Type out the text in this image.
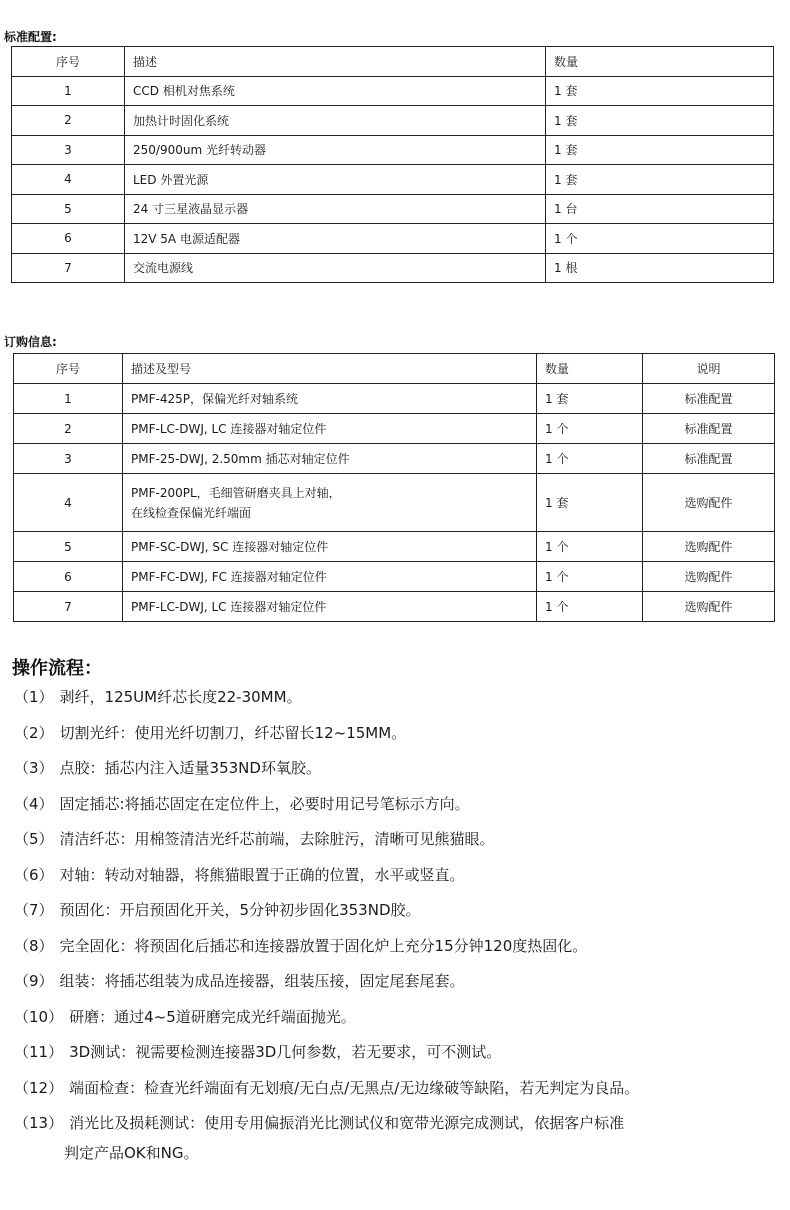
标准配置:
序号	描述	数量
1	CCD 相机对焦系统	1 套
2	加热计时固化系统	1 套
3	250/900um 光纤转动器	1 套
4	LED 外置光源	1 套
5	24 寸三星液晶显示器	1 台
6	12V 5A 电源适配器	1 个
7	交流电源线	1 根
订购信息:
序号	描述及型号	数量	说明
1	PMF-425P，保偏光纤对轴系统	1 套	标准配置
2	PMF-LC-DWJ, LC 连接器对轴定位件	1 个	标准配置
3	PMF-25-DWJ, 2.50mm 插芯对轴定位件	1 个	标准配置
4	PMF-200PL，毛细管研磨夹具上对轴，
在线检查保偏光纤端面	1 套	选购配件
5	PMF-SC-DWJ, SC 连接器对轴定位件	1 个	选购配件
6	PMF-FC-DWJ, FC 连接器对轴定位件	1 个	选购配件
7	PMF-LC-DWJ, LC 连接器对轴定位件	1 个	选购配件
操作流程：
（1） 剥纤，125UM纤芯长度22-30MM。
（2） 切割光纤：使用光纤切割刀，纤芯留长12~15MM。
（3） 点胶：插芯内注入适量353ND环氧胶。
（4） 固定插芯:将插芯固定在定位件上，必要时用记号笔标示方向。
（5） 清洁纤芯：用棉签清洁光纤芯前端，去除脏污，清晰可见熊猫眼。
（6） 对轴：转动对轴器，将熊猫眼置于正确的位置，水平或竖直。
（7） 预固化：开启预固化开关，5分钟初步固化353ND胶。
（8） 完全固化：将预固化后插芯和连接器放置于固化炉上充分15分钟120度热固化。
（9） 组装：将插芯组装为成品连接器，组装压接，固定尾套尾套。
（10） 研磨：通过4~5道研磨完成光纤端面抛光。
（11） 3D测试：视需要检测连接器3D几何参数，若无要求，可不测试。
（12） 端面检查：检查光纤端面有无划痕/无白点/无黑点/无边缘破等缺陷，若无判定为良品。
（13） 消光比及损耗测试：使用专用偏振消光比测试仪和宽带光源完成测试，依据客户标准
判定产品OK和NG。
